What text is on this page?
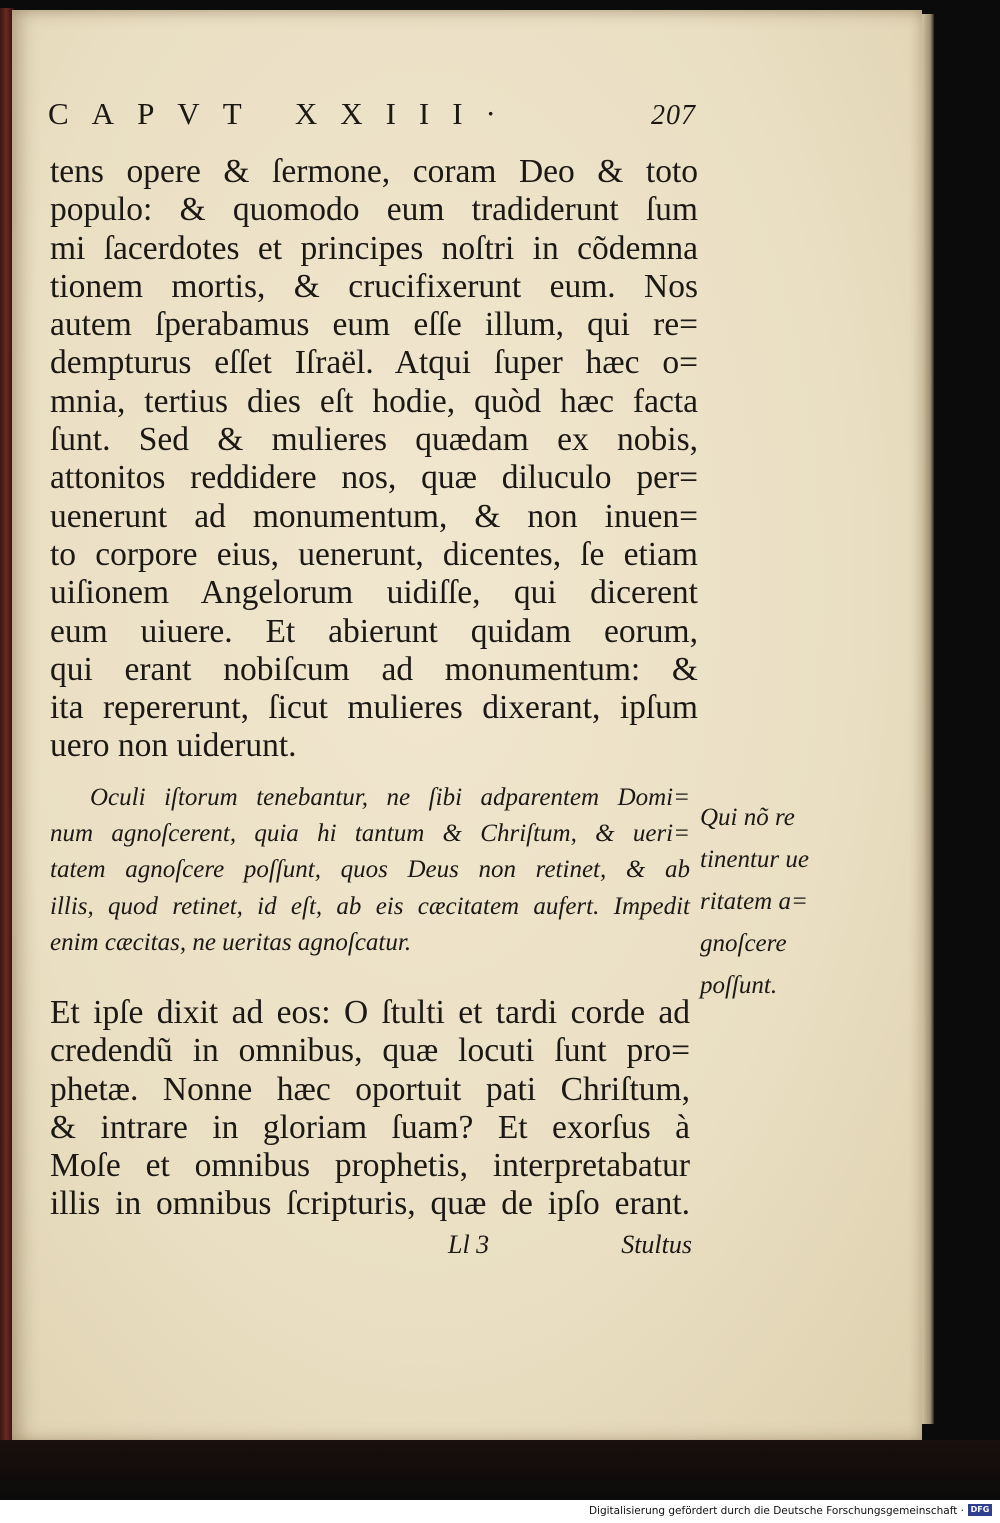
CAPVT XXIII·	207
tens opere & ſermone, coram Deo & toto
populo: & quomodo eum tradiderunt ſum
mi ſacerdotes et principes noſtri in cõdemna
tionem mortis, & crucifixerunt eum. Nos
autem ſperabamus eum eſſe illum, qui re=
dempturus eſſet Iſraël. Atqui ſuper hæc o=
mnia, tertius dies eſt hodie, quòd hæc facta
ſunt. Sed & mulieres quædam ex nobis,
attonitos reddidere nos, quæ diluculo per=
uenerunt ad monumentum, & non inuen=
to corpore eius, uenerunt, dicentes, ſe etiam
uiſionem Angelorum uidiſſe, qui dicerent
eum uiuere. Et abierunt quidam eorum,
qui erant nobiſcum ad monumentum: &
ita repererunt, ſicut mulieres dixerant, ipſum
uero non uiderunt.
Oculi iſtorum tenebantur, ne ſibi adparentem Domi=
num agnoſcerent, quia hi tantum & Chriſtum, & ueri=
tatem agnoſcere poſſunt, quos Deus non retinet, & ab
illis, quod retinet, id eſt, ab eis cæcitatem aufert. Impedit
enim cæcitas, ne ueritas agnoſcatur.
Qui nõ re
tinentur ue
ritatem a=
gnoſcere
poſſunt.
Et ipſe dixit ad eos: O ſtulti et tardi corde ad
credendũ in omnibus, quæ locuti ſunt pro=
phetæ. Nonne hæc oportuit pati Chriſtum,
& intrare in gloriam ſuam? Et exorſus à
Moſe et omnibus prophetis, interpretabatur
illis in omnibus ſcripturis, quæ de ipſo erant.
Ll 3	Stultus
Digitalisierung gefördert durch die Deutsche Forschungsgemeinschaft · DFG
